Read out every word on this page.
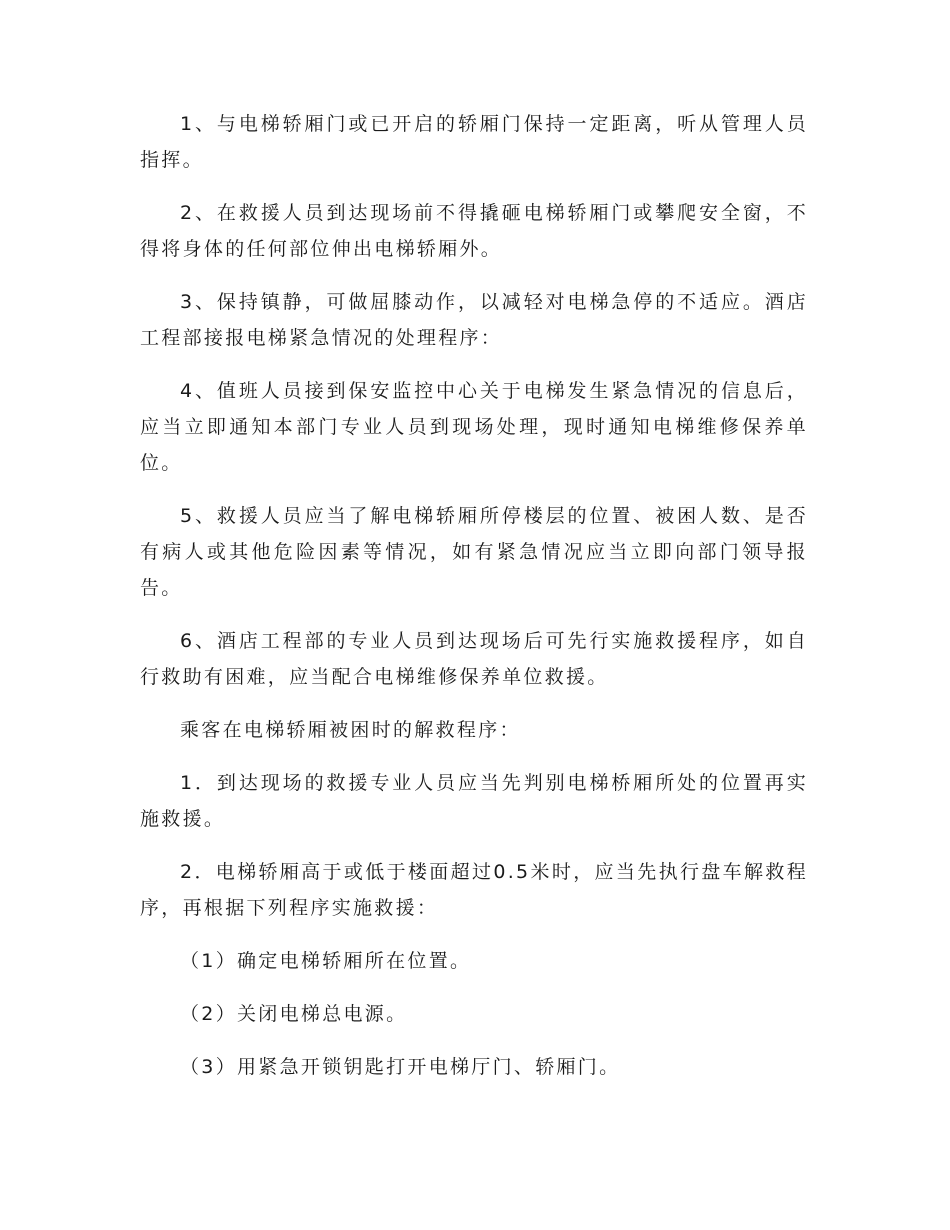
1、与电梯轿厢门或已开启的轿厢门保持一定距离，听从管理人员指挥。

2、在救援人员到达现场前不得撬砸电梯轿厢门或攀爬安全窗，不得将身体的任何部位伸出电梯轿厢外。

3、保持镇静，可做屈膝动作，以减轻对电梯急停的不适应。酒店工程部接报电梯紧急情况的处理程序：

4、值班人员接到保安监控中心关于电梯发生紧急情况的信息后，应当立即通知本部门专业人员到现场处理，现时通知电梯维修保养单位。

5、救援人员应当了解电梯轿厢所停楼层的位置、被困人数、是否有病人或其他危险因素等情况，如有紧急情况应当立即向部门领导报告。

6、酒店工程部的专业人员到达现场后可先行实施救援程序，如自行救助有困难，应当配合电梯维修保养单位救援。

乘客在电梯轿厢被困时的解救程序：

1．到达现场的救援专业人员应当先判别电梯桥厢所处的位置再实施救援。

2．电梯轿厢高于或低于楼面超过0.5米时，应当先执行盘车解救程序，再根据下列程序实施救援：

（1）确定电梯轿厢所在位置。

（2）关闭电梯总电源。

（3）用紧急开锁钥匙打开电梯厅门、轿厢门。
